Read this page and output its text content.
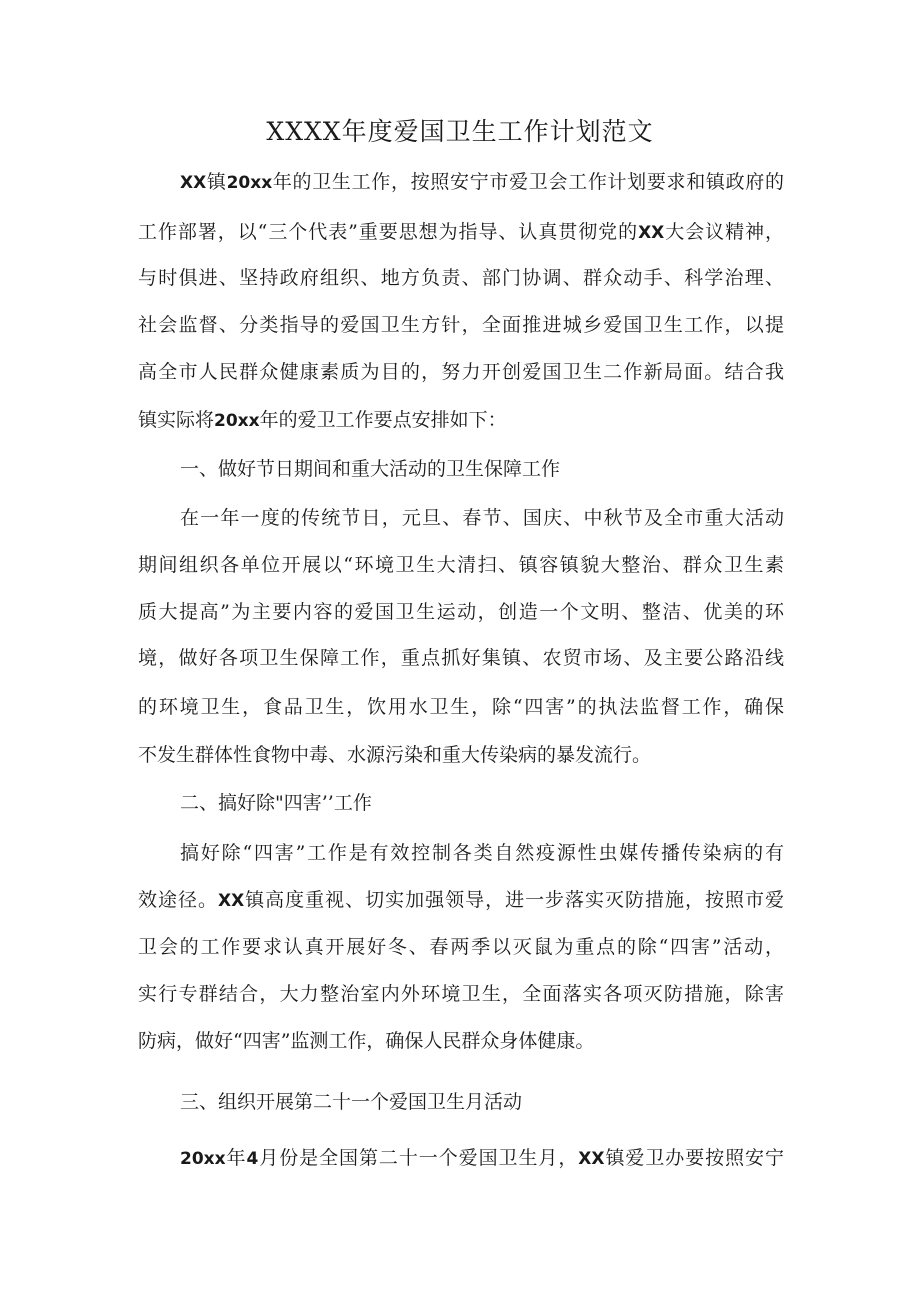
XXXX年度爱国卫生工作计划范文
XX镇20xx年的卫生工作，按照安宁市爱卫会工作计划要求和镇政府的
工作部署，以“三个代表”重要思想为指导、认真贯彻党的XX大会议精神，
与时俱进、坚持政府组织、地方负责、部门协调、群众动手、科学治理、
社会监督、分类指导的爱国卫生方针，全面推进城乡爱国卫生工作，以提
高全市人民群众健康素质为目的，努力开创爱国卫生二作新局面。结合我
镇实际将20xx年的爱卫工作要点安排如下：
一、做好节日期间和重大活动的卫生保障工作
在一年一度的传统节日，元旦、春节、国庆、中秋节及全市重大活动
期间组织各单位开展以“环境卫生大清扫、镇容镇貌大整治、群众卫生素
质大提高”为主要内容的爱国卫生运动，创造一个文明、整洁、优美的环
境，做好各项卫生保障工作，重点抓好集镇、农贸市场、及主要公路沿线
的环境卫生，食品卫生，饮用水卫生，除“四害”的执法监督工作，确保
不发生群体性食物中毒、水源污染和重大传染病的暴发流行。
二、搞好除"四害’’工作
搞好除“四害”工作是有效控制各类自然疫源性虫媒传播传染病的有
效途径。XX镇高度重视、切实加强领导，进一步落实灭防措施，按照市爱
卫会的工作要求认真开展好冬、春两季以灭鼠为重点的除“四害”活动，
实行专群结合，大力整治室内外环境卫生，全面落实各项灭防措施，除害
防病，做好“四害”监测工作，确保人民群众身体健康。
三、组织开展第二十一个爱国卫生月活动
20xx年4月份是全国第二十一个爱国卫生月，XX镇爱卫办要按照安宁
